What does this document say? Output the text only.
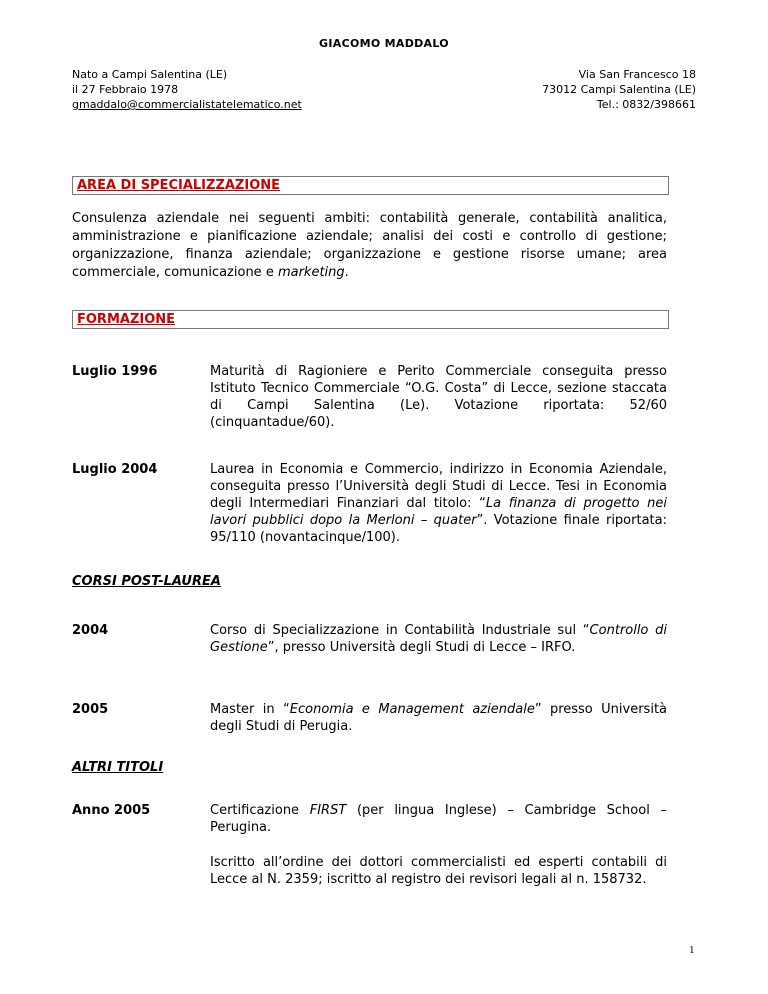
GIACOMO MADDALO
Nato a Campi Salentina (LE)
il 27 Febbraio 1978
gmaddalo@commercialistatelematico.net
Via San Francesco 18
73012 Campi Salentina (LE)
Tel.: 0832/398661
AREA DI SPECIALIZZAZIONE
Consulenza aziendale nei seguenti ambiti: contabilità generale, contabilità analitica, amministrazione e pianificazione aziendale; analisi dei costi e controllo di gestione; organizzazione, finanza aziendale; organizzazione e gestione risorse umane; area commerciale, comunicazione e marketing.
FORMAZIONE
Luglio 1996	Maturità di Ragioniere e Perito Commerciale conseguita presso Istituto Tecnico Commerciale “O.G. Costa” di Lecce, sezione staccata di Campi Salentina (Le). Votazione riportata: 52/60 (cinquantadue/60).
Luglio 2004	Laurea in Economia e Commercio, indirizzo in Economia Aziendale, conseguita presso l’Università degli Studi di Lecce. Tesi in Economia degli Intermediari Finanziari dal titolo: “La finanza di progetto nei lavori pubblici dopo la Merloni – quater”. Votazione finale riportata: 95/110 (novantacinque/100).
CORSI POST-LAUREA
2004	Corso di Specializzazione in Contabilità Industriale sul “Controllo di Gestione”, presso Università degli Studi di Lecce – IRFO.
2005	Master in “Economia e Management aziendale” presso Università degli Studi di Perugia.
ALTRI TITOLI
Anno 2005	Certificazione FIRST (per lingua Inglese) – Cambridge School – Perugina.
Iscritto all’ordine dei dottori commercialisti ed esperti contabili di Lecce al N. 2359; iscritto al registro dei revisori legali al n. 158732.
1
